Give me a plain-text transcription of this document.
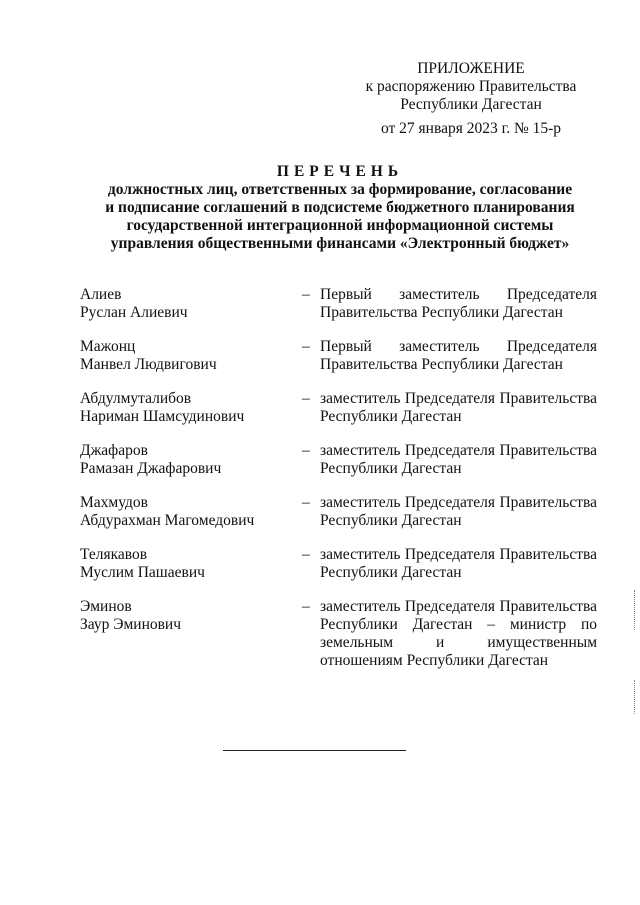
ПРИЛОЖЕНИЕ
к распоряжению Правительства
Республики Дагестан
от 27 января 2023 г. № 15-р
ПЕРЕЧЕНЬ
должностных лиц, ответственных за формирование, согласование
и подписание соглашений в подсистеме бюджетного планирования
государственной интеграционной информационной системы
управления общественными финансами «Электронный бюджет»
Алиев
Руслан Алиевич
– Первый заместитель Председателя Правительства Республики Дагестан
Мажонц
Манвел Людвигович
– Первый заместитель Председателя Правительства Республики Дагестан
Абдулмуталибов
Нариман Шамсудинович
– заместитель Председателя Правительства Республики Дагестан
Джафаров
Рамазан Джафарович
– заместитель Председателя Правительства Республики Дагестан
Махмудов
Абдурахман Магомедович
– заместитель Председателя Правительства Республики Дагестан
Телякавов
Муслим Пашаевич
– заместитель Председателя Правительства Республики Дагестан
Эминов
Заур Эминович
– заместитель Председателя Правительства Республики Дагестан – министр по земельным и имущественным отношениям Республики Дагестан
